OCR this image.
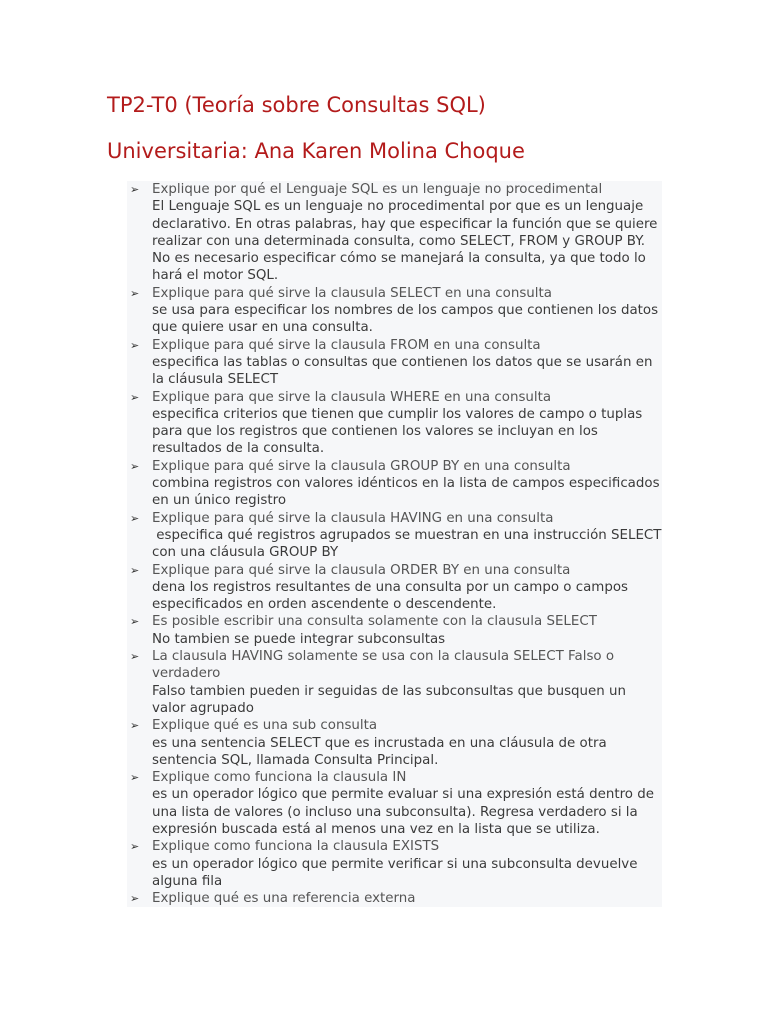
TP2-T0 (Teoría sobre Consultas SQL)
Universitaria: Ana Karen Molina Choque
➢ Explique por qué el Lenguaje SQL es un lenguaje no procedimental
El Lenguaje SQL es un lenguaje no procedimental por que es un lenguaje declarativo. En otras palabras, hay que especificar la función que se quiere realizar con una determinada consulta, como SELECT, FROM y GROUP BY. No es necesario especificar cómo se manejará la consulta, ya que todo lo hará el motor SQL.
➢ Explique para qué sirve la clausula SELECT en una consulta
se usa para especificar los nombres de los campos que contienen los datos que quiere usar en una consulta.
➢ Explique para qué sirve la clausula FROM en una consulta
especifica las tablas o consultas que contienen los datos que se usarán en la cláusula SELECT
➢ Explique para que sirve la clausula WHERE en una consulta
especifica criterios que tienen que cumplir los valores de campo o tuplas para que los registros que contienen los valores se incluyan en los resultados de la consulta.
➢ Explique para qué sirve la clausula GROUP BY en una consulta
combina registros con valores idénticos en la lista de campos especificados en un único registro
➢ Explique para qué sirve la clausula HAVING en una consulta
especifica qué registros agrupados se muestran en una instrucción SELECT con una cláusula GROUP BY
➢ Explique para qué sirve la clausula ORDER BY en una consulta
dena los registros resultantes de una consulta por un campo o campos especificados en orden ascendente o descendente.
➢ Es posible escribir una consulta solamente con la clausula SELECT
No tambien se puede integrar subconsultas
➢ La clausula HAVING solamente se usa con la clausula SELECT Falso o verdadero
Falso tambien pueden ir seguidas de las subconsultas que busquen un valor agrupado
➢ Explique qué es una sub consulta
es una sentencia SELECT que es incrustada en una cláusula de otra sentencia SQL, llamada Consulta Principal.
➢ Explique como funciona la clausula IN
es un operador lógico que permite evaluar si una expresión está dentro de una lista de valores (o incluso una subconsulta). Regresa verdadero si la expresión buscada está al menos una vez en la lista que se utiliza.
➢ Explique como funciona la clausula EXISTS
es un operador lógico que permite verificar si una subconsulta devuelve alguna fila
➢ Explique qué es una referencia externa
